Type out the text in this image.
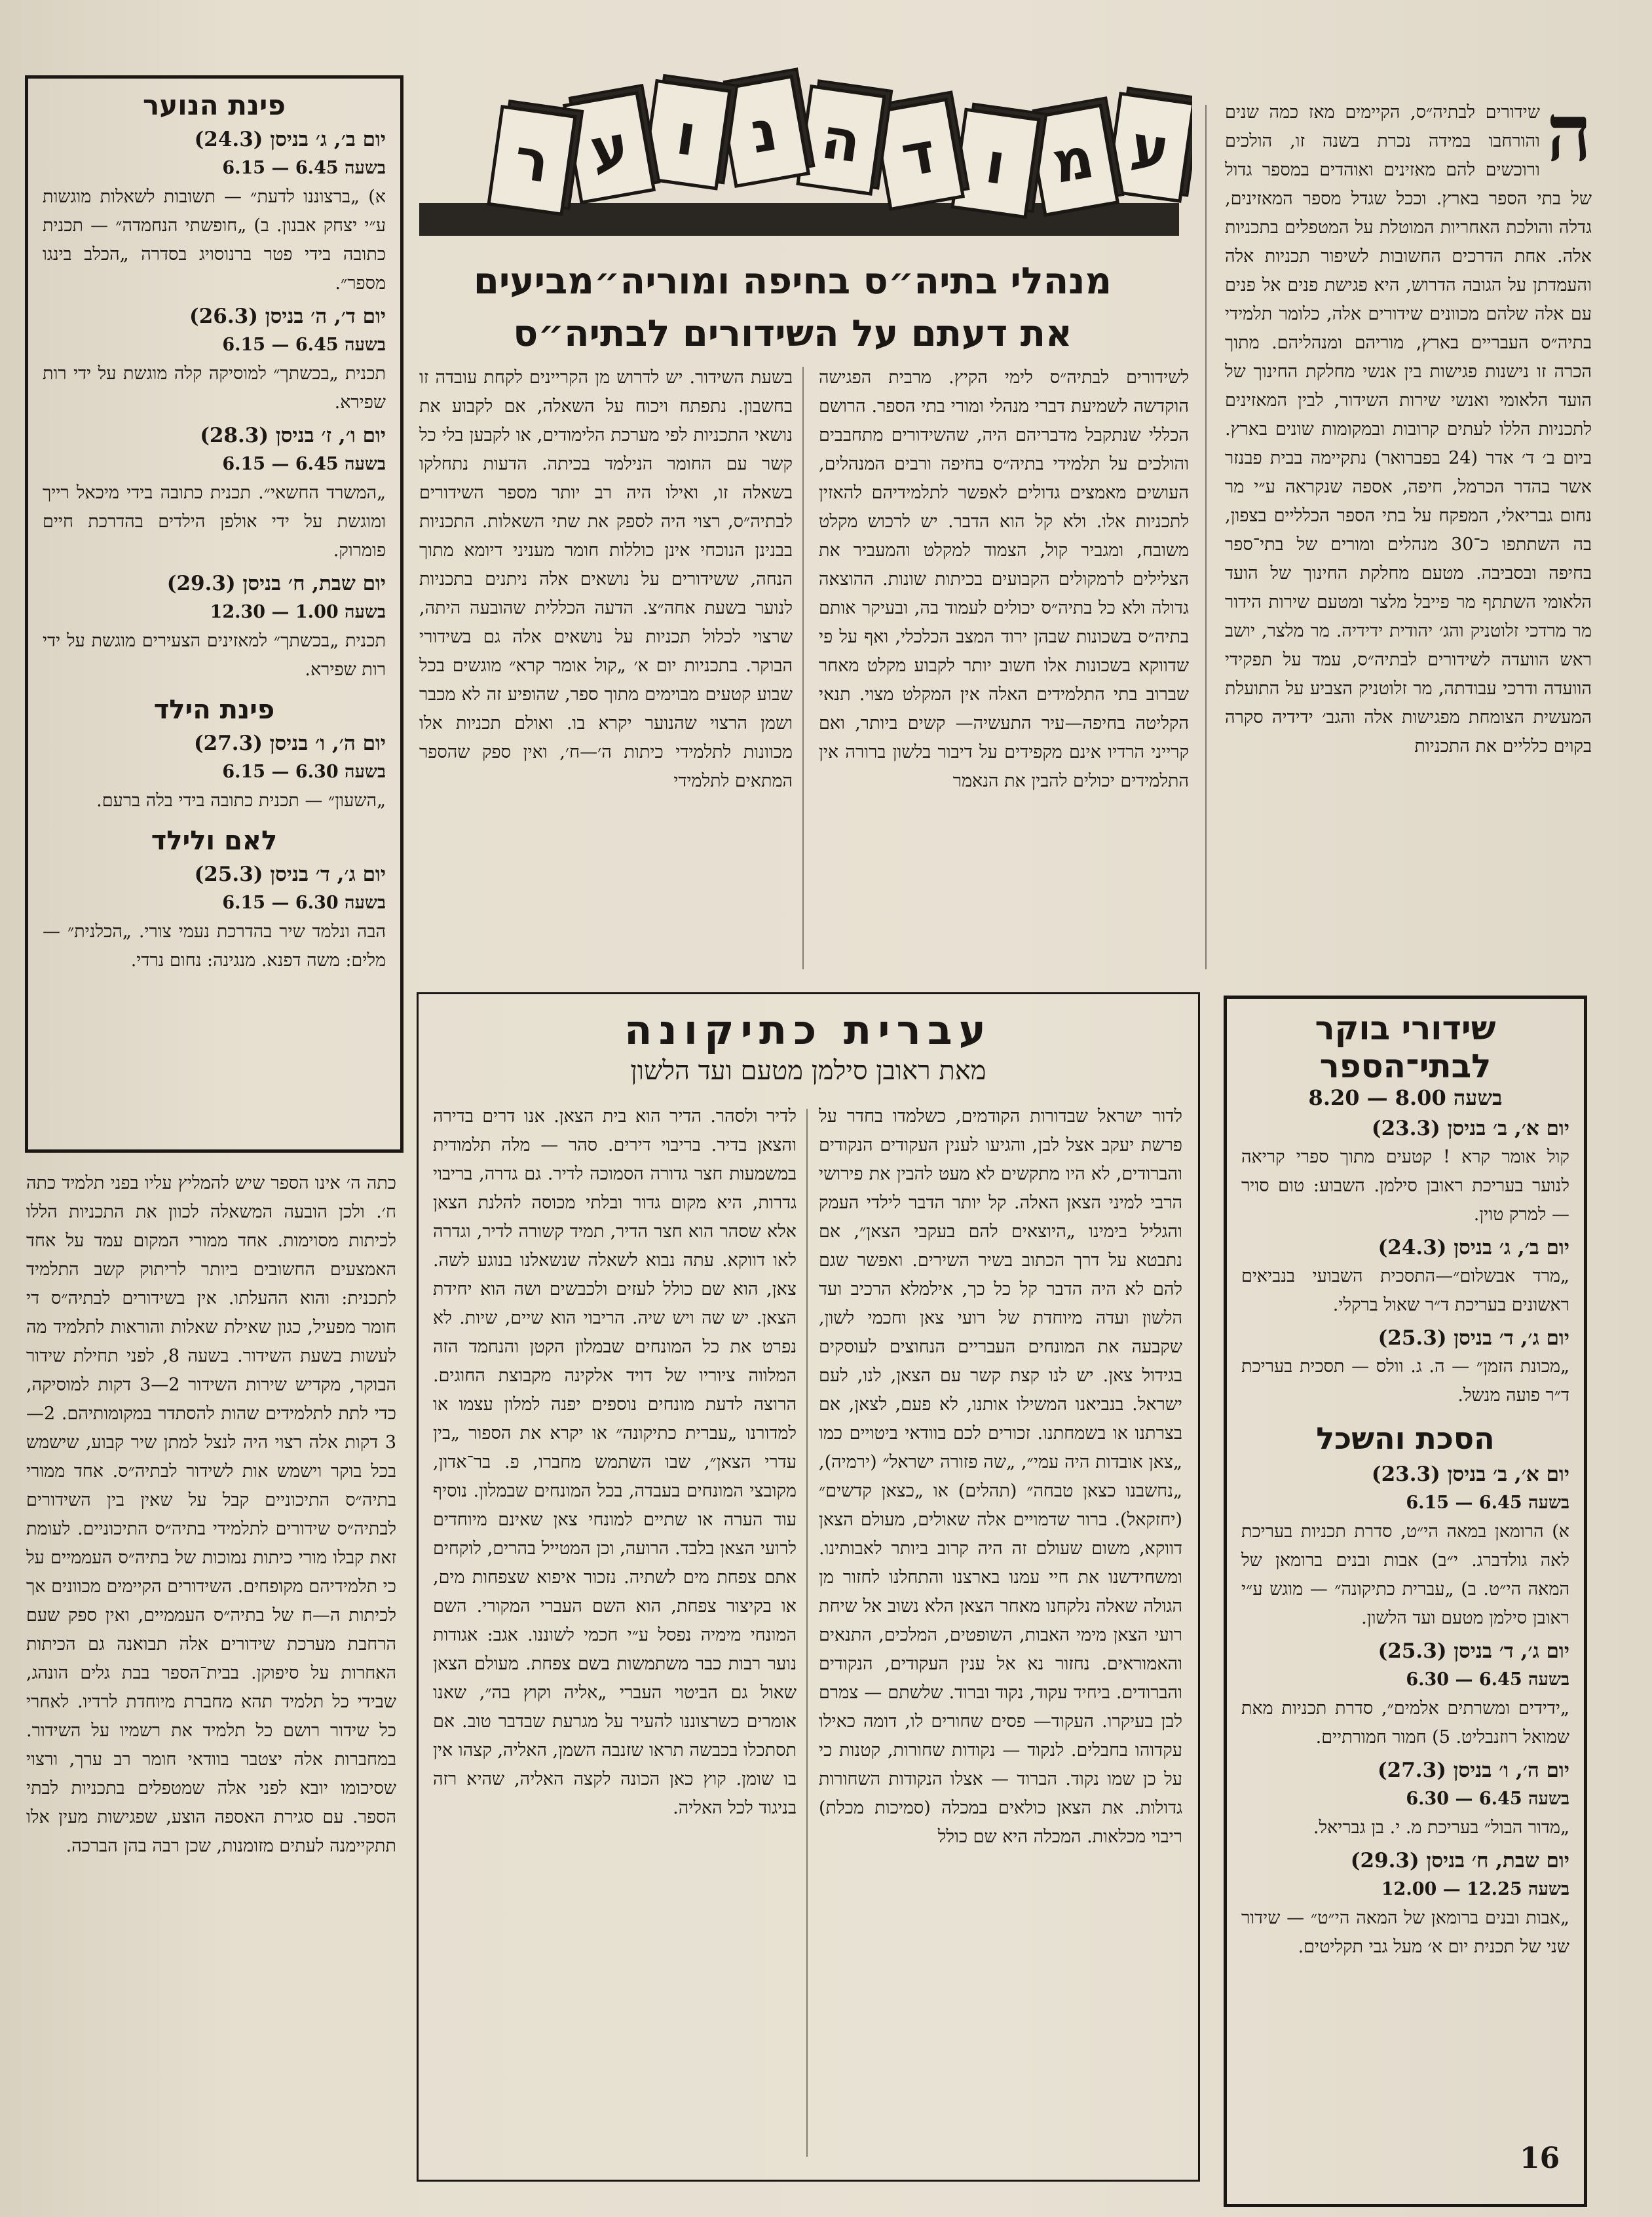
ע
מ
ו
ד
ה
נ
ו
ע
ר
מנהלי בתיה״ס בחיפה ומוריה״מביעים
את דעתם על השידורים לבתיה״ס
ה

שידורים לבתיה״ס, הקיימים מאז כמה שנים והורחבו במידה נכרת בשנה זו, הולכים ורוכשים להם מאזינים ואוהדים במספר גדול של בתי הספר בארץ. וככל שגדל מספר המאזינים, גדלה והולכת האחריות המוטלת על המטפלים בתכניות אלה. אחת הדרכים החשובות לשיפור תכניות אלה והעמדתן על הגובה הדרוש, היא פגישת פנים אל פנים עם אלה שלהם מכוונים שידורים אלה, כלומר תלמידי בתיה״ס העבריים בארץ, מוריהם ומנהליהם. מתוך הכרה זו נישנות פגישות בין אנשי מחלקת החינוך של הועד הלאומי ואנשי שירות השידור, לבין המאזינים לתכניות הללו לעתים קרובות ובמקומות שונים בארץ. ביום ב׳ ד׳ אדר (24 בפברואר) נתקיימה בבית פבנזר אשר בהדר הכרמל, חיפה, אספה שנקראה ע״י מר נחום גבריאלי, המפקח על בתי הספר הכלליים בצפון, בה השתתפו כ־30 מנהלים ומורים של בתי־ספר בחיפה ובסביבה. מטעם מחלקת החינוך של הועד הלאומי השתתף מר פייבל מלצר ומטעם שירות הידור מר מרדכי זלוטניק והג׳ יהודית ידידיה. מר מלצר, יושב ראש הוועדה לשידורים לבתיה״ס, עמד על תפקידי הוועדה ודרכי עבודתה, מר זלוטניק הצביע על התועלת המעשית הצומחת מפגישות אלה והגב׳ ידידיה סקרה בקוים כלליים את התכניות

לשידורים לבתיה״ס לימי הקיץ. מרבית הפגישה הוקדשה לשמיעת דברי מנהלי ומורי בתי הספר. הרושם הכללי שנתקבל מדבריהם היה, שהשידורים מתחבבים והולכים על תלמידי בתיה״ס בחיפה ורבים המנהלים, העושים מאמצים גדולים לאפשר לתלמידיהם להאזין לתכניות אלו. ולא קל הוא הדבר. יש לרכוש מקלט משובח, ומגביר קול, הצמוד למקלט והמעביר את הצלילים לרמקולים הקבועים בכיתות שונות. ההוצאה גדולה ולא כל בתיה״ס יכולים לעמוד בה, ובעיקר אותם בתיה״ס בשכונות שבהן ירוד המצב הכלכלי, ואף על פי שדווקא בשכונות אלו חשוב יותר לקבוע מקלט מאחר שברוב בתי התלמידים האלה אין המקלט מצוי. תנאי הקליטה בחיפה—עיר התעשיה— קשים ביותר, ואם קרייני הרדיו אינם מקפידים על דיבור בלשון ברורה אין התלמידים יכולים להבין את הנאמר

בשעת השידור. יש לדרוש מן הקריינים לקחת עובדה זו בחשבון. נתפתח ויכוח על השאלה, אם לקבוע את נושאי התכניות לפי מערכת הלימודים, או לקבען בלי כל קשר עם החומר הנילמד בכיתה. הדעות נתחלקו בשאלה זו, ואילו היה רב יותר מספר השידורים לבתיה״ס, רצוי היה לספק את שתי השאלות. התכניות בבנינן הנוכחי אינן כוללות חומר מעניני דיומא מתוך הנחה, ששידורים על נושאים אלה ניתנים בתכניות לנוער בשעת אחה״צ. הדעה הכללית שהובעה היתה, שרצוי לכלול תכניות על נושאים אלה גם בשידורי הבוקר. בתכניות יום א׳ „קול אומר קרא״ מוגשים בכל שבוע קטעים מבוימים מתוך ספר, שהופיע זה לא מכבר ושמן הרצוי שהנוער יקרא בו. ואולם תכניות אלו מכוונות לתלמידי כיתות ה׳—ח׳, ואין ספק שהספר המתאים לתלמידי

פינת הנוער
יום ב׳, ג׳ בניסן (24.3)
בשעה 6.45 — 6.15
א) „ברצוננו לדעת״ — תשובות לשאלות מוגשות ע״י יצחק אבנון. ב) „חופשתי הנחמדה״ — תכנית כתובה בידי פטר ברנוסויג בסדרה „הכלב בינגו מספר״.
יום ד׳, ה׳ בניסן (26.3)
בשעה 6.45 — 6.15
תכנית „בכשתך״ למוסיקה קלה מוגשת על ידי רות שפירא.
יום ו׳, ז׳ בניסן (28.3)
בשעה 6.45 — 6.15
„המשרד החשאי״. תכנית כתובה בידי מיכאל רייך ומוגשת על ידי אולפן הילדים בהדרכת חיים פומרוק.
יום שבת, ח׳ בניסן (29.3)
בשעה 1.00 — 12.30
תכנית „בכשתך״ למאזינים הצעירים מוגשת על ידי רות שפירא.
פינת הילד
יום ה׳, ו׳ בניסן (27.3)
בשעה 6.30 — 6.15
„השעון״ — תכנית כתובה בידי בלה ברעם.
לאם ולילד
יום ג׳, ד׳ בניסן (25.3)
בשעה 6.30 — 6.15
הבה ונלמד שיר בהדרכת נעמי צורי. „הכלנית״ — מלים: משה דפנא. מנגינה: נחום נרדי.

כתה ה׳ אינו הספר שיש להמליץ עליו בפני תלמיד כתה ח׳. ולכן הובעה המשאלה לכוון את התכניות הללו לכיתות מסוימות. אחד ממורי המקום עמד על אחד האמצעים החשובים ביותר לריתוק קשב התלמיד לתכנית: והוא ההעלתו. אין בשידורים לבתיה״ס די חומר מפעיל, כגון שאילת שאלות והוראות לתלמיד מה לעשות בשעת השידור. בשעה 8, לפני תחילת שידור הבוקר, מקדיש שירות השידור 2—3 דקות למוסיקה, כדי לתת לתלמידים שהות להסתדר במקומותיהם. 2—3 דקות אלה רצוי היה לנצל למתן שיר קבוע, שישמש בכל בוקר וישמש אות לשידור לבתיה״ס. אחד ממורי בתיה״ס התיכוניים קבל על שאין בין השידורים לבתיה״ס שידורים לתלמידי בתיה״ס התיכוניים. לעומת זאת קבלו מורי כיתות נמוכות של בתיה״ס העממיים על כי תלמידיהם מקופחים. השידורים הקיימים מכוונים אך לכיתות ה—ח של בתיה״ס העממיים, ואין ספק שעם הרחבת מערכת שידורים אלה תבואנה גם הכיתות האחרות על סיפוקן. בבית־הספר בבת גלים הונהג, שבידי כל תלמיד תהא מחברת מיוחדת לרדיו. לאחרי כל שידור רושם כל תלמיד את רשמיו על השידור. במחברות אלה יצטבר בוודאי חומר רב ערך, ורצוי שסיכומו יובא לפני אלה שמטפלים בתכניות לבתי הספר. עם סגירת האספה הוצע, שפגישות מעין אלו תתקיימנה לעתים מזומנות, שכן רבה בהן הברכה.

עברית כתיקונה
מאת ראובן סילמן מטעם ועד הלשון

לדור ישראל שבדורות הקודמים, כשלמדו בחדר על פרשת יעקב אצל לבן, והגיעו לענין העקודים הנקודים והברודים, לא היו מתקשים לא מעט להבין את פירושי הרבי למיני הצאן האלה. קל יותר הדבר לילדי העמק והגליל בימינו „היוצאים להם בעקבי הצאן״, אם נתבטא על דרך הכתוב בשיר השירים. ואפשר שגם להם לא היה הדבר קל כל כך, אילמלא הרכיב ועד הלשון ועדה מיוחדת של רועי צאן וחכמי לשון, שקבעה את המונחים העבריים הנחוצים לעוסקים בגידול צאן. יש לנו קצת קשר עם הצאן, לנו, לעם ישראל. בנביאנו המשילו אותנו, לא פעם, לצאן, אם בצרתנו או בשמחתנו. זכורים לכם בוודאי ביטויים כמו „צאן אובדות היה עמי״, „שה פזורה ישראל״ (ירמיה), „נחשבנו כצאן טבחה״ (תהלים) או „כצאן קדשים״ (יחזקאל). ברור שדמויים אלה שאולים, מעולם הצאן דווקא, משום שעולם זה היה קרוב ביותר לאבותינו. ומשחידשנו את חיי עמנו בארצנו והתחלנו לחזור מן הגולה שאלה נלקחנו מאחר הצאן הלא נשוב אל שיחת רועי הצאן מימי האבות, השופטים, המלכים, התנאים והאמוראים. נחזור נא אל ענין העקודים, הנקודים והברודים. ביחיד עקוד, נקוד וברוד. שלשתם — צמרם לבן בעיקרו. העקוד— פסים שחורים לו, דומה כאילו עקדוהו בחבלים. לנקוד — נקודות שחורות, קטנות כי על כן שמו נקוד. הברוד — אצלו הנקודות השחורות גדולות. את הצאן כולאים במכלה (סמיכות מכלת) ריבוי מכלאות. המכלה היא שם כולל

לדיר ולסהר. הדיר הוא בית הצאן. אנו דרים בדירה והצאן בדיר. בריבוי דירים. סהר — מלה תלמודית במשמעות חצר גדורה הסמוכה לדיר. גם גדרה, בריבוי גדרות, היא מקום גדור ובלתי מכוסה להלנת הצאן אלא שסהר הוא חצר הדיר, תמיד קשורה לדיר, וגדרה לאו דווקא. עתה נבוא לשאלה שנשאלנו בנוגע לשה. צאן, הוא שם כולל לעזים ולכבשים ושה הוא יחידת הצאן. יש שה ויש שיה. הריבוי הוא שיים, שיות. לא נפרט את כל המונחים שבמלון הקטן והנחמד הזה המלווה ציוריו של דויד אלקינה מקבוצת החוגים. הרוצה לדעת מונחים נוספים יפנה למלון עצמו או למדורנו „עברית כתיקונה״ או יקרא את הספור „בין עדרי הצאן״, שבו השתמש מחברו, פ. בר־אדון, מקובצי המונחים בעבדה, בכל המונחים שבמלון. נוסיף עוד הערה או שתיים למונחי צאן שאינם מיוחדים לרועי הצאן בלבד. הרועה, וכן המטייל בהרים, לוקחים אתם צפחת מים לשתיה. נזכור איפוא שצפחות מים, או בקיצור צפחת, הוא השם העברי המקורי. השם המונחי מימיה נפסל ע״י חכמי לשוננו. אגב: אגודות נוער רבות כבר משתמשות בשם צפחת. מעולם הצאן שאול גם הביטוי העברי „אליה וקוץ בה״, שאנו אומרים כשרצוננו להעיר על מגרעת שבדבר טוב. אם תסתכלו בכבשה תראו שזנבה השמן, האליה, קצהו אין בו שומן. קוץ כאן הכונה לקצה האליה, שהיא רזה בניגוד לכל האליה.

שידורי בוקר
לבתי־הספר
בשעה 8.00 — 8.20
יום א׳, ב׳ בניסן (23.3)
קול אומר קרא ! קטעים מתוך ספרי קריאה לנוער בעריכת ראובן סילמן. השבוע: טום סויר — למרק טוין.
יום ב׳, ג׳ בניסן (24.3)
„מרד אבשלום״—התסכית השבועי בנביאים ראשונים בעריכת ד״ר שאול ברקלי.
יום ג׳, ד׳ בניסן (25.3)
„מכונת הזמן״ — ה. ג. וולס — תסכית בעריכת ד״ר פועה מנשל.
הסכת והשכל
יום א׳, ב׳ בניסן (23.3)
בשעה 6.45 — 6.15
א) הרומאן במאה הי״ט, סדרת תכניות בעריכת לאה גולדברג. י״ב) אבות ובנים ברומאן של המאה הי״ט. ב) „עברית כתיקונה״ — מוגש ע״י ראובן סילמן מטעם ועד הלשון.
יום ג׳, ד׳ בניסן (25.3)
בשעה 6.45 — 6.30
„ידידים ומשרתים אלמים״, סדרת תכניות מאת שמואל רוזנבליט. 5) חמור חמורתיים.
יום ה׳, ו׳ בניסן (27.3)
בשעה 6.45 — 6.30
„מדור הבול״ בעריכת מ. י. בן גבריאל.
יום שבת, ח׳ בניסן (29.3)
בשעה 12.25 — 12.00
„אבות ובנים ברומאן של המאה הי״ט״ — שידור שני של תכנית יום א׳ מעל גבי תקליטים.
16
